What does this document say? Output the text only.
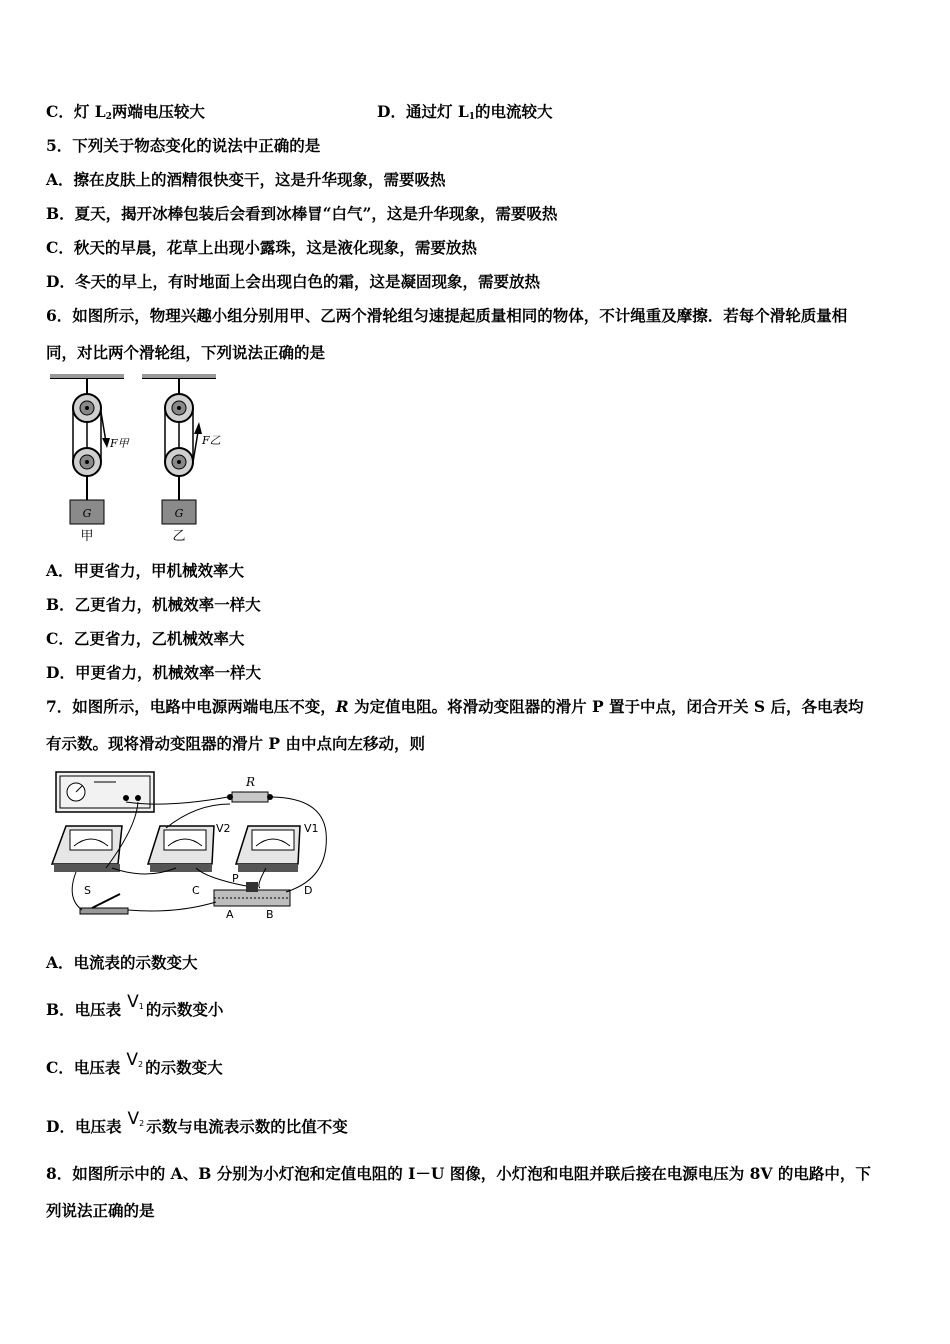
C．灯 $L_2$两端电压较大	D．通过灯 $L_1$的电流较大
5．下列关于物态变化的说法中正确的是
A．擦在皮肤上的酒精很快变干，这是升华现象，需要吸热
B．夏天，揭开冰棒包装后会看到冰棒冒“白气”，这是升华现象，需要吸热
C．秋天的早晨，花草上出现小露珠，这是液化现象，需要放热
D．冬天的早上，有时地面上会出现白色的霜，这是凝固现象，需要放热
6．如图所示，物理兴趣小组分别用甲、乙两个滑轮组匀速提起质量相同的物体，不计绳重及摩擦．若每个滑轮质量相
同，对比两个滑轮组，下列说法正确的是
F甲
G
甲
F乙
G
乙
A．甲更省力，甲机械效率大
B．乙更省力，机械效率一样大
C．乙更省力，乙机械效率大
D．甲更省力，机械效率一样大
7．如图所示，电路中电源两端电压不变，R 为定值电阻。将滑动变阻器的滑片 P 置于中点，闭合开关 S 后，各电表均
有示数。现将滑动变阻器的滑片 P 由中点向左移动，则
R
V2	V1
S	C
P
D
A	B
A．电流表的示数变大
B．电压表 $V_1$ 的示数变小
C．电压表 $V_2$ 的示数变大
D．电压表 $V_2$ 示数与电流表示数的比值不变
8．如图所示中的 A、B 分别为小灯泡和定值电阻的 I－U 图像，小灯泡和电阻并联后接在电源电压为 8V 的电路中，下
列说法正确的是
